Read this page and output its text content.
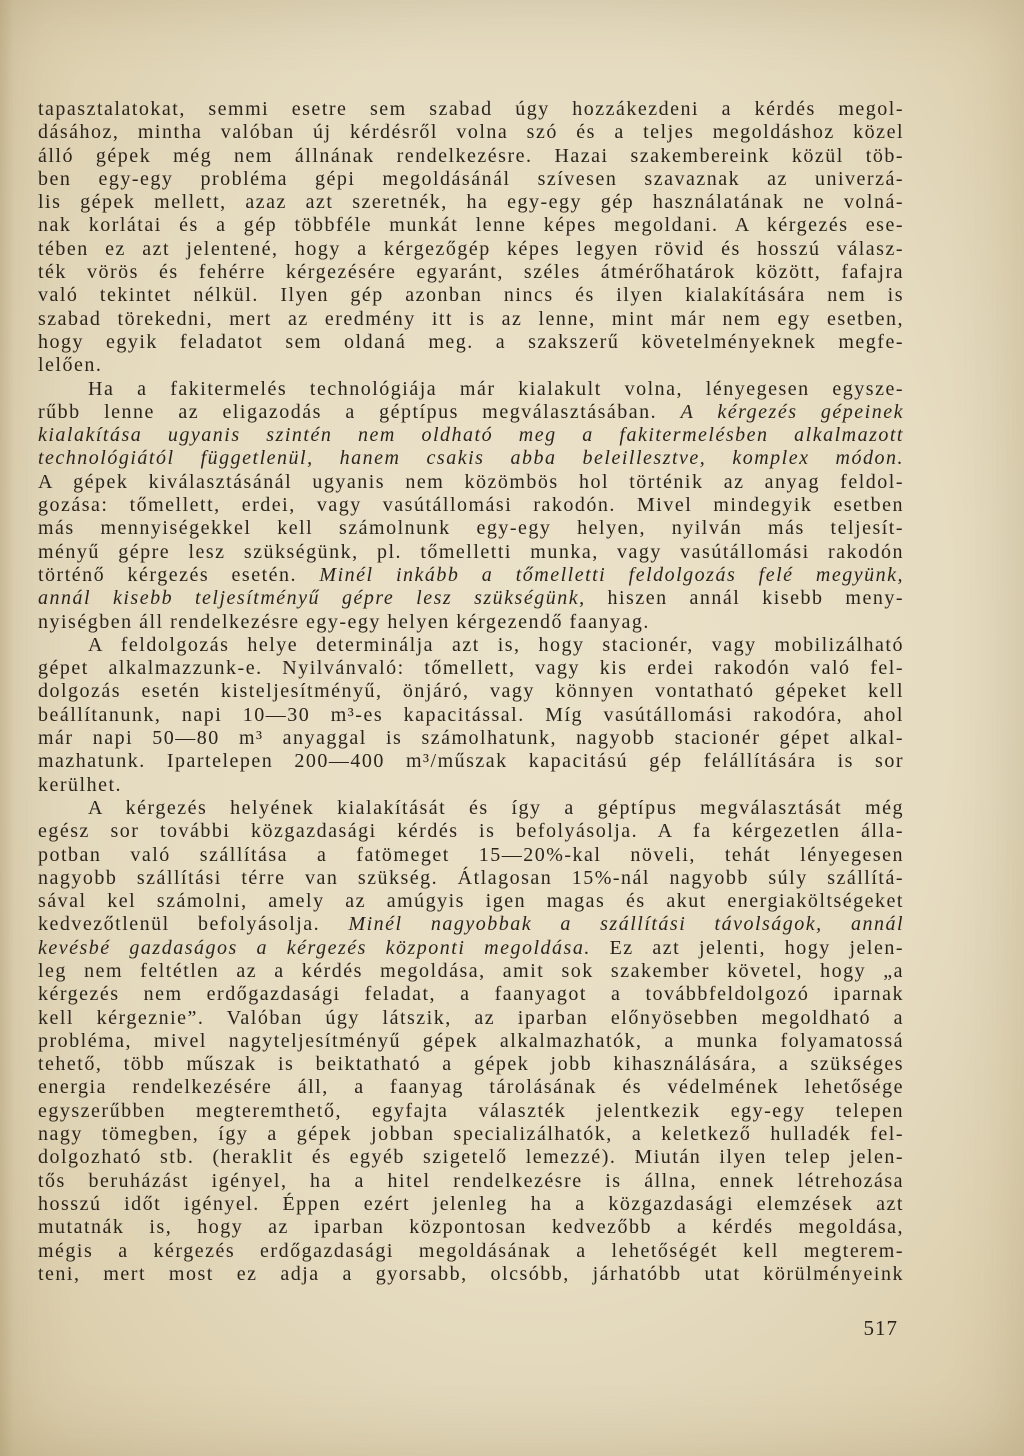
tapasztalatokat, semmi esetre sem szabad úgy hozzákezdeni a kérdés megol-
dásához, mintha valóban új kérdésről volna szó és a teljes megoldáshoz közel
álló gépek még nem állnának rendelkezésre. Hazai szakembereink közül töb-
ben egy-egy probléma gépi megoldásánál szívesen szavaznak az univerzá-
lis gépek mellett, azaz azt szeretnék, ha egy-egy gép használatának ne volná-
nak korlátai és a gép többféle munkát lenne képes megoldani. A kérgezés ese-
tében ez azt jelentené, hogy a kérgezőgép képes legyen rövid és hosszú válasz-
ték vörös és fehérre kérgezésére egyaránt, széles átmérőhatárok között, fafajra
való tekintet nélkül. Ilyen gép azonban nincs és ilyen kialakítására nem is
szabad törekedni, mert az eredmény itt is az lenne, mint már nem egy esetben,
hogy egyik feladatot sem oldaná meg. a szakszerű követelményeknek megfe-
lelően.
Ha a fakitermelés technológiája már kialakult volna, lényegesen egysze-
rűbb lenne az eligazodás a géptípus megválasztásában. A kérgezés gépeinek
kialakítása ugyanis szintén nem oldható meg a fakitermelésben alkalmazott
technológiától függetlenül, hanem csakis abba beleillesztve, komplex módon.
A gépek kiválasztásánál ugyanis nem közömbös hol történik az anyag feldol-
gozása: tőmellett, erdei, vagy vasútállomási rakodón. Mivel mindegyik esetben
más mennyiségekkel kell számolnunk egy-egy helyen, nyilván más teljesít-
ményű gépre lesz szükségünk, pl. tőmelletti munka, vagy vasútállomási rakodón
történő kérgezés esetén. Minél inkább a tőmelletti feldolgozás felé megyünk,
annál kisebb teljesítményű gépre lesz szükségünk, hiszen annál kisebb meny-
nyiségben áll rendelkezésre egy-egy helyen kérgezendő faanyag.
A feldolgozás helye determinálja azt is, hogy stacionér, vagy mobilizálható
gépet alkalmazzunk-e. Nyilvánvaló: tőmellett, vagy kis erdei rakodón való fel-
dolgozás esetén kisteljesítményű, önjáró, vagy könnyen vontatható gépeket kell
beállítanunk, napi 10—30 m³-es kapacitással. Míg vasútállomási rakodóra, ahol
már napi 50—80 m³ anyaggal is számolhatunk, nagyobb stacionér gépet alkal-
mazhatunk. Ipartelepen 200—400 m³/műszak kapacitású gép felállítására is sor
kerülhet.
A kérgezés helyének kialakítását és így a géptípus megválasztását még
egész sor további közgazdasági kérdés is befolyásolja. A fa kérgezetlen álla-
potban való szállítása a fatömeget 15—20%-kal növeli, tehát lényegesen
nagyobb szállítási térre van szükség. Átlagosan 15%-nál nagyobb súly szállítá-
sával kel számolni, amely az amúgyis igen magas és akut energiaköltségeket
kedvezőtlenül befolyásolja. Minél nagyobbak a szállítási távolságok, annál
kevésbé gazdaságos a kérgezés központi megoldása. Ez azt jelenti, hogy jelen-
leg nem feltétlen az a kérdés megoldása, amit sok szakember követel, hogy „a
kérgezés nem erdőgazdasági feladat, a faanyagot a továbbfeldolgozó iparnak
kell kérgeznie”. Valóban úgy látszik, az iparban előnyösebben megoldható a
probléma, mivel nagyteljesítményű gépek alkalmazhatók, a munka folyamatossá
tehető, több műszak is beiktatható a gépek jobb kihasználására, a szükséges
energia rendelkezésére áll, a faanyag tárolásának és védelmének lehetősége
egyszerűbben megteremthető, egyfajta választék jelentkezik egy-egy telepen
nagy tömegben, így a gépek jobban specializálhatók, a keletkező hulladék fel-
dolgozható stb. (heraklit és egyéb szigetelő lemezzé). Miután ilyen telep jelen-
tős beruházást igényel, ha a hitel rendelkezésre is állna, ennek létrehozása
hosszú időt igényel. Éppen ezért jelenleg ha a közgazdasági elemzések azt
mutatnák is, hogy az iparban központosan kedvezőbb a kérdés megoldása,
mégis a kérgezés erdőgazdasági megoldásának a lehetőségét kell megterem-
teni, mert most ez adja a gyorsabb, olcsóbb, járhatóbb utat körülményeink
517
